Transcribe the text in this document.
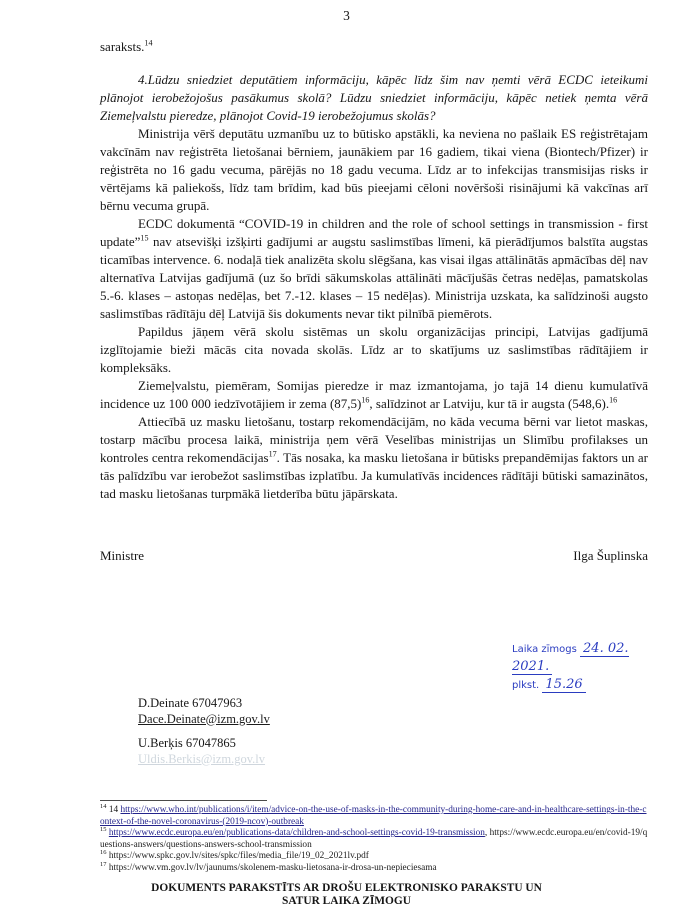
3

saraksts.$^{14}$

4.Lūdzu sniedziet deputātiem informāciju, kāpēc līdz šim nav ņemti vērā ECDC ieteikumi plānojot ierobežojošus pasākumus skolā? Lūdzu sniedziet informāciju, kāpēc netiek ņemta vērā Ziemeļvalstu pieredze, plānojot Covid-19 ierobežojumus skolās?

Ministrija vērš deputātu uzmanību uz to būtisko apstākli, ka neviena no pašlaik ES reģistrētajam vakcīnām nav reģistrēta lietošanai bērniem, jaunākiem par 16 gadiem, tikai viena (Biontech/Pfizer) ir reģistrēta no 16 gadu vecuma, pārējās no 18 gadu vecuma. Līdz ar to infekcijas transmisijas risks ir vērtējams kā paliekošs, līdz tam brīdim, kad būs pieejami cēloni novēršoši risinājumi kā vakcīnas arī bērnu vecuma grupā.

ECDC dokumentā “COVID-19 in children and the role of school settings in transmission - first update”$^{15}$ nav atsevišķi izšķirti gadījumi ar augstu saslimstības līmeni, kā pierādījumos balstīta augstas ticamības intervence. 6. nodaļā tiek analizēta skolu slēgšana, kas visai ilgas attālinātās apmācības dēļ nav alternatīva Latvijas gadījumā (uz šo brīdi sākumskolas attālināti mācījušās četras nedēļas, pamatskolas 5.-6. klases – astoņas nedēļas, bet 7.-12. klases – 15 nedēļas). Ministrija uzskata, ka salīdzinoši augsto saslimstības rādītāju dēļ Latvijā šis dokuments nevar tikt pilnībā piemērots.

Papildus jāņem vērā skolu sistēmas un skolu organizācijas principi, Latvijas gadījumā izglītojamie bieži mācās cita novada skolās. Līdz ar to skatījums uz saslimstības rādītājiem ir kompleksāks.

Ziemeļvalstu, piemēram, Somijas pieredze ir maz izmantojama, jo tajā 14 dienu kumulatīvā incidence uz 100 000 iedzīvotājiem ir zema $(87,5)^{16}$, salīdzinot ar Latviju, kur tā ir augsta (548,6).$^{16}$

Attiecībā uz masku lietošanu, tostarp rekomendācijām, no kāda vecuma bērni var lietot maskas, tostarp mācību procesa laikā, ministrija ņem vērā Veselības ministrijas un Slimību profilakses un kontroles centra rekomendācijas$^{17}$. Tās nosaka, ka masku lietošana ir būtisks prepandēmijas faktors un ar tās palīdzību var ierobežot saslimstības izplatību. Ja kumulatīvās incidences rādītāji būtiski samazinātos, tad masku lietošanas turpmākā lietderība būtu jāpārskata.

Ministre	Ilga Šuplinska
Laika zīmogs 24. 02. 2021.
plkst. 15.26
D.Deinate 67047963
Dace.Deinate@izm.gov.lv
U.Berķis 67047865
Uldis.Berkis@izm.gov.lv
$^{14}$ 14 https://www.who.int/publications/i/item/advice-on-the-use-of-masks-in-the-community-during-home-care-and-in-healthcare-settings-in-the-context-of-the-novel-coronavirus-(2019-ncov)-outbreak
$^{15}$ https://www.ecdc.europa.eu/en/publications-data/children-and-school-settings-covid-19-transmission, https://www.ecdc.europa.eu/en/covid-19/questions-answers/questions-answers-school-transmission
$^{16}$ https://www.spkc.gov.lv/sites/spkc/files/media_file/19_02_2021lv.pdf
$^{17}$ https://www.vm.gov.lv/lv/jaunums/skolenem-masku-lietosana-ir-drosa-un-nepieciesama
DOKUMENTS PARAKSTĪTS AR DROŠU ELEKTRONISKO PARAKSTU UN
SATUR LAIKA ZĪMOGU
